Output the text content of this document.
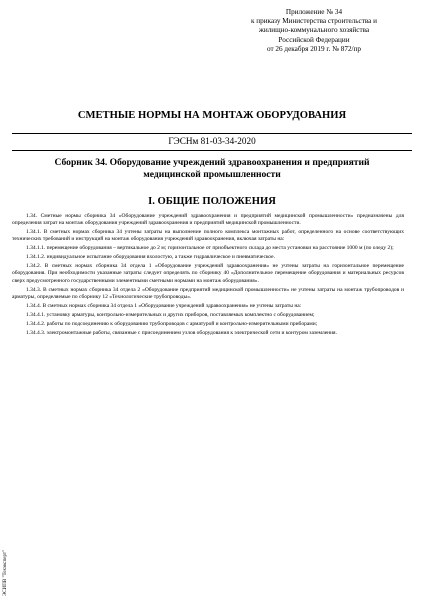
Приложение № 34
к приказу Министерства строительства и
жилищно-коммунального хозяйства
Российской Федерации
от 26 декабря 2019 г. № 872/пр
СМЕТНЫЕ НОРМЫ НА МОНТАЖ ОБОРУДОВАНИЯ
ГЭСНм 81-03-34-2020
Сборник 34. Оборудование учреждений здравоохранения и предприятий
медицинской промышленности
I. ОБЩИЕ ПОЛОЖЕНИЯ

1.34. Сметные нормы сборника 34 «Оборудование учреждений здравоохранения и предприятий медицинской промышленности» предназначены для определения затрат на монтаж оборудования учреждений здравоохранения и предприятий медицинской промышленности.

1.34.1. В сметных нормах сборника 34 учтены затраты на выполнение полного комплекса монтажных работ, определенного на основе соответствующих технических требований и инструкций на монтаж оборудования учреждений здравоохранения, включая затраты на:

1.34.1.1. перемещение оборудования – вертикальное до 2 м; горизонтальное от приобъектного склада до места установки на расстояние 1000 м (по оледу 2);

1.34.1.2. индивидуальное испытание оборудования вхолостую, а также гидравлическое и пневматическое.

1.34.2. В сметных нормах сборника 34 отдела 1 «Оборудование учреждений здравоохранения» не учтены затраты на горизонтальное перемещение оборудования. При необходимости указанные затраты следует определять по сборнику 40 «Дополнительное перемещение оборудования и материальных ресурсов сверх предусмотренного государственными элементными сметными нормами на монтаж оборудования».

1.34.3. В сметных нормах сборника 34 отдела 2 «Оборудование предприятий медицинской промышленности» не учтены затраты на монтаж трубопроводов и арматуры, определяемые по сборнику 12 «Технологические трубопроводы».

1.34.4. В сметных нормах сборника 34 отдела 1 «Оборудование учреждений здравоохранения» не учтены затраты на:

1.34.4.1. установку арматуры, контрольно-измерительных и других приборов, поставляемых комплектно с оборудованием;

1.34.4.2. работы по подсоединению к оборудованию трубопроводов с арматурой и контрольно-измерительными приборами;

1.34.4.3. электромонтажные работы, связанные с присоединением узлов оборудования к электрической сети и контуром заземления.

ЭСИПВ "Техэксперт"
